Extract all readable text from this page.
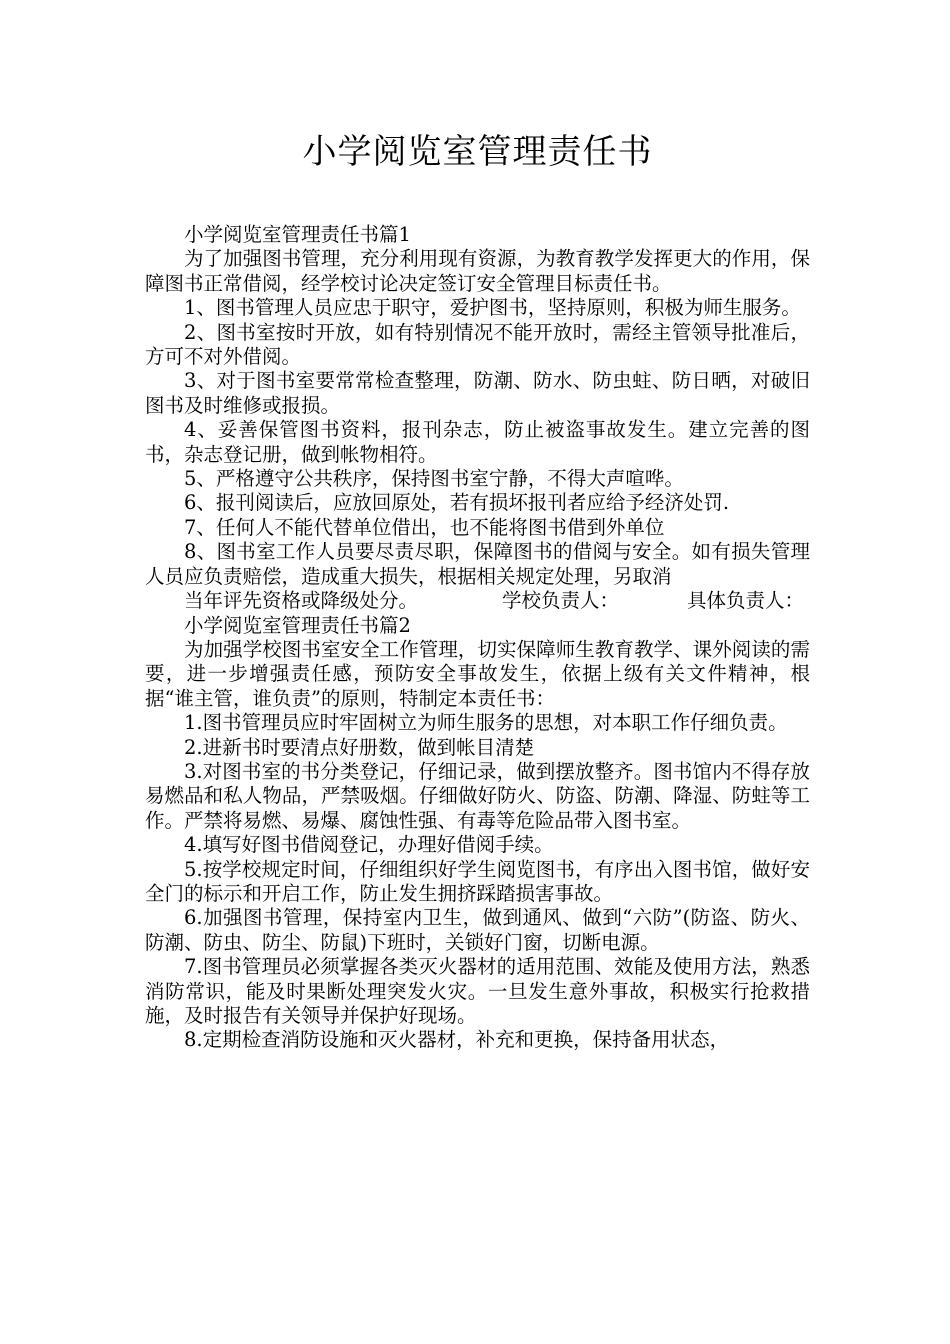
小学阅览室管理责任书

小学阅览室管理责任书篇1

为了加强图书管理，充分利用现有资源，为教育教学发挥更大的作用，保障图书正常借阅，经学校讨论决定签订安全管理目标责任书。

1、图书管理人员应忠于职守，爱护图书，坚持原则，积极为师生服务。

2、图书室按时开放，如有特别情况不能开放时，需经主管领导批准后，方可不对外借阅。

3、对于图书室要常常检查整理，防潮、防水、防虫蛀、防日晒，对破旧图书及时维修或报损。

4、妥善保管图书资料，报刊杂志，防止被盗事故发生。建立完善的图书，杂志登记册，做到帐物相符。

5、严格遵守公共秩序，保持图书室宁静，不得大声喧哗。

6、报刊阅读后，应放回原处，若有损坏报刊者应给予经济处罚.

7、任何人不能代替单位借出，也不能将图书借到外单位

8、图书室工作人员要尽责尽职，保障图书的借阅与安全。如有损失管理人员应负责赔偿，造成重大损失，根据相关规定处理，另取消

当年评先资格或降级处分。	学校负责人：	具体负责人：

小学阅览室管理责任书篇2

为加强学校图书室安全工作管理，切实保障师生教育教学、课外阅读的需要，进一步增强责任感，预防安全事故发生，依据上级有关文件精神，根据“谁主管，谁负责”的原则，特制定本责任书：

1.图书管理员应时牢固树立为师生服务的思想，对本职工作仔细负责。

2.进新书时要清点好册数，做到帐目清楚

3.对图书室的书分类登记，仔细记录，做到摆放整齐。图书馆内不得存放易燃品和私人物品，严禁吸烟。仔细做好防火、防盗、防潮、降湿、防蛀等工作。严禁将易燃、易爆、腐蚀性强、有毒等危险品带入图书室。

4.填写好图书借阅登记，办理好借阅手续。

5.按学校规定时间，仔细组织好学生阅览图书，有序出入图书馆，做好安全门的标示和开启工作，防止发生拥挤踩踏损害事故。

6.加强图书管理，保持室内卫生，做到通风、做到“六防”(防盗、防火、防潮、防虫、防尘、防鼠)下班时，关锁好门窗，切断电源。

7.图书管理员必须掌握各类灭火器材的适用范围、效能及使用方法，熟悉消防常识，能及时果断处理突发火灾。一旦发生意外事故，积极实行抢救措施，及时报告有关领导并保护好现场。

8.定期检查消防设施和灭火器材，补充和更换，保持备用状态，
